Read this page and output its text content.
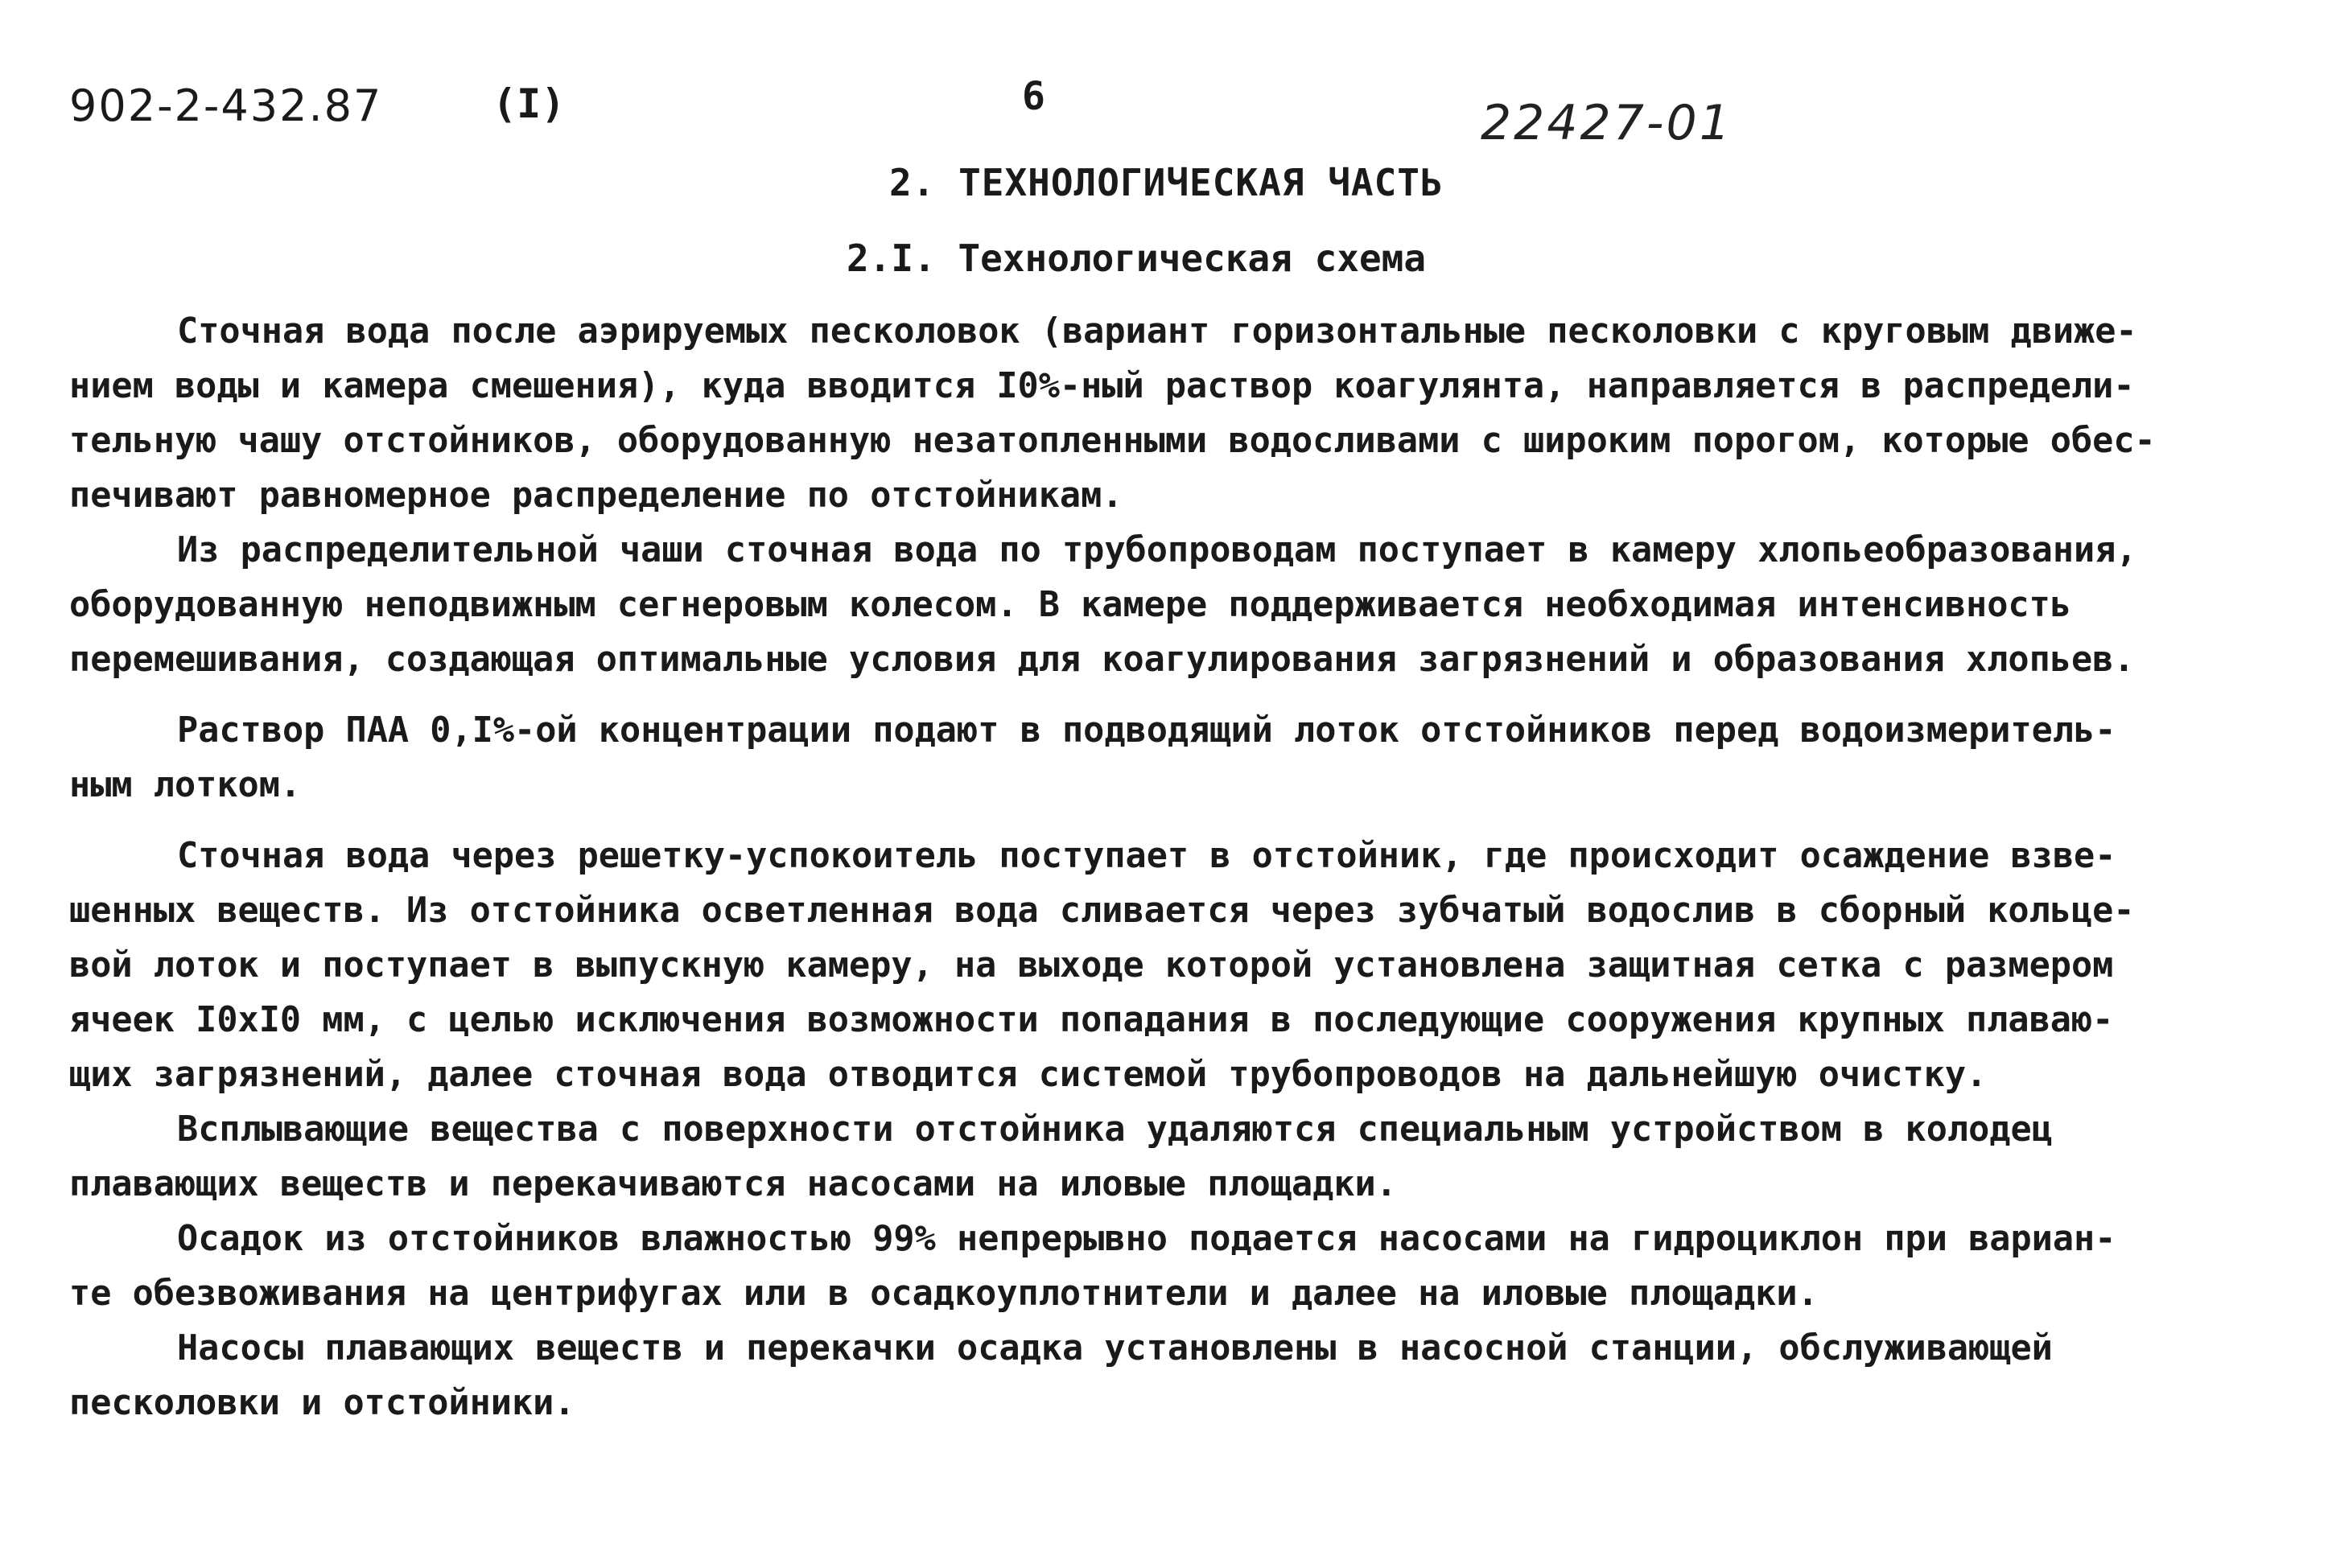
902-2-432.87	(I)	6	22427-01
2. ТЕХНОЛОГИЧЕСКАЯ ЧАСТЬ
2.I. Технологическая схема

Сточная вода после аэрируемых песколовок (вариант горизонтальные песколовки с круговым движе-
нием воды и камера смешения), куда вводится I0%-ный раствор коагулянта, направляется в распредели-
тельную чашу отстойников, оборудованную незатопленными водосливами с широким порогом, которые обес-
печивают равномерное распределение по отстойникам.

Из распределительной чаши сточная вода по трубопроводам поступает в камеру хлопьеобразования,
оборудованную неподвижным сегнеровым колесом. В камере поддерживается необходимая интенсивность
перемешивания, создающая оптимальные условия для коагулирования загрязнений и образования хлопьев.

Раствор ПАА 0,I%-ой концентрации подают в подводящий лоток отстойников перед водоизмеритель-
ным лотком.

Сточная вода через решетку-успокоитель поступает в отстойник, где происходит осаждение взве-
шенных веществ. Из отстойника осветленная вода сливается через зубчатый водослив в сборный кольце-
вой лоток и поступает в выпускную камеру, на выходе которой установлена защитная сетка с размером
ячеек I0хI0 мм, с целью исключения возможности попадания в последующие сооружения крупных плаваю-
щих загрязнений, далее сточная вода отводится системой трубопроводов на дальнейшую очистку.

Всплывающие вещества с поверхности отстойника удаляются специальным устройством в колодец
плавающих веществ и перекачиваются насосами на иловые площадки.

Осадок из отстойников влажностью 99% непрерывно подается насосами на гидроциклон при вариан-
те обезвоживания на центрифугах или в осадкоуплотнители и далее на иловые площадки.

Насосы плавающих веществ и перекачки осадка установлены в насосной станции, обслуживающей
песколовки и отстойники.
